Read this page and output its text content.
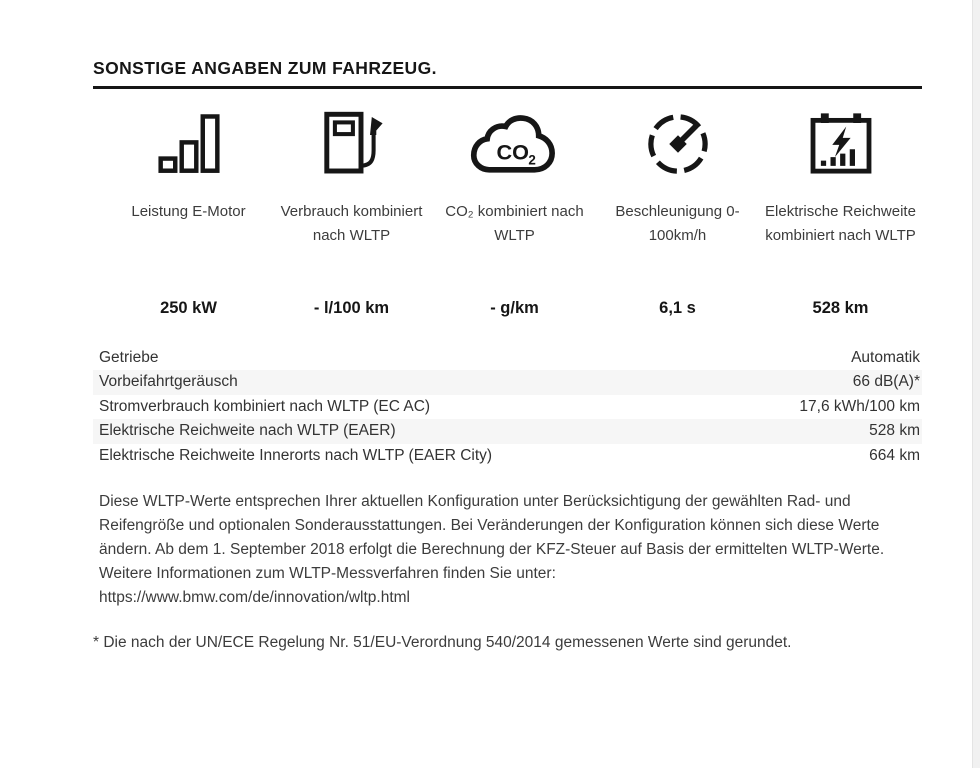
SONSTIGE ANGABEN ZUM FAHRZEUG.
Leistung E-Motor
250 kW
Verbrauch kombiniert nach WLTP
- l/100 km
CO 2
CO₂ kombiniert nach WLTP
- g/km
Beschleunigung 0-100km/h
6,1 s
Elektrische Reichweite kombiniert nach WLTP
528 km
Getriebe	Automatik
Vorbeifahrtgeräusch	66 dB(A)*
Stromverbrauch kombiniert nach WLTP (EC AC)	17,6 kWh/100 km
Elektrische Reichweite nach WLTP (EAER)	528 km
Elektrische Reichweite Innerorts nach WLTP (EAER City)	664 km

Diese WLTP-Werte entsprechen Ihrer aktuellen Konfiguration unter Berücksichtigung der gewählten Rad- und Reifengröße und optionalen Sonderausstattungen. Bei Veränderungen der Konfiguration können sich diese Werte ändern. Ab dem 1. September 2018 erfolgt die Berechnung der KFZ-Steuer auf Basis der ermittelten WLTP-Werte. Weitere Informationen zum WLTP-Messverfahren finden Sie unter:

https://www.bmw.com/de/innovation/wltp.html

* Die nach der UN/ECE Regelung Nr. 51/EU-Verordnung 540/2014 gemessenen Werte sind gerundet.
